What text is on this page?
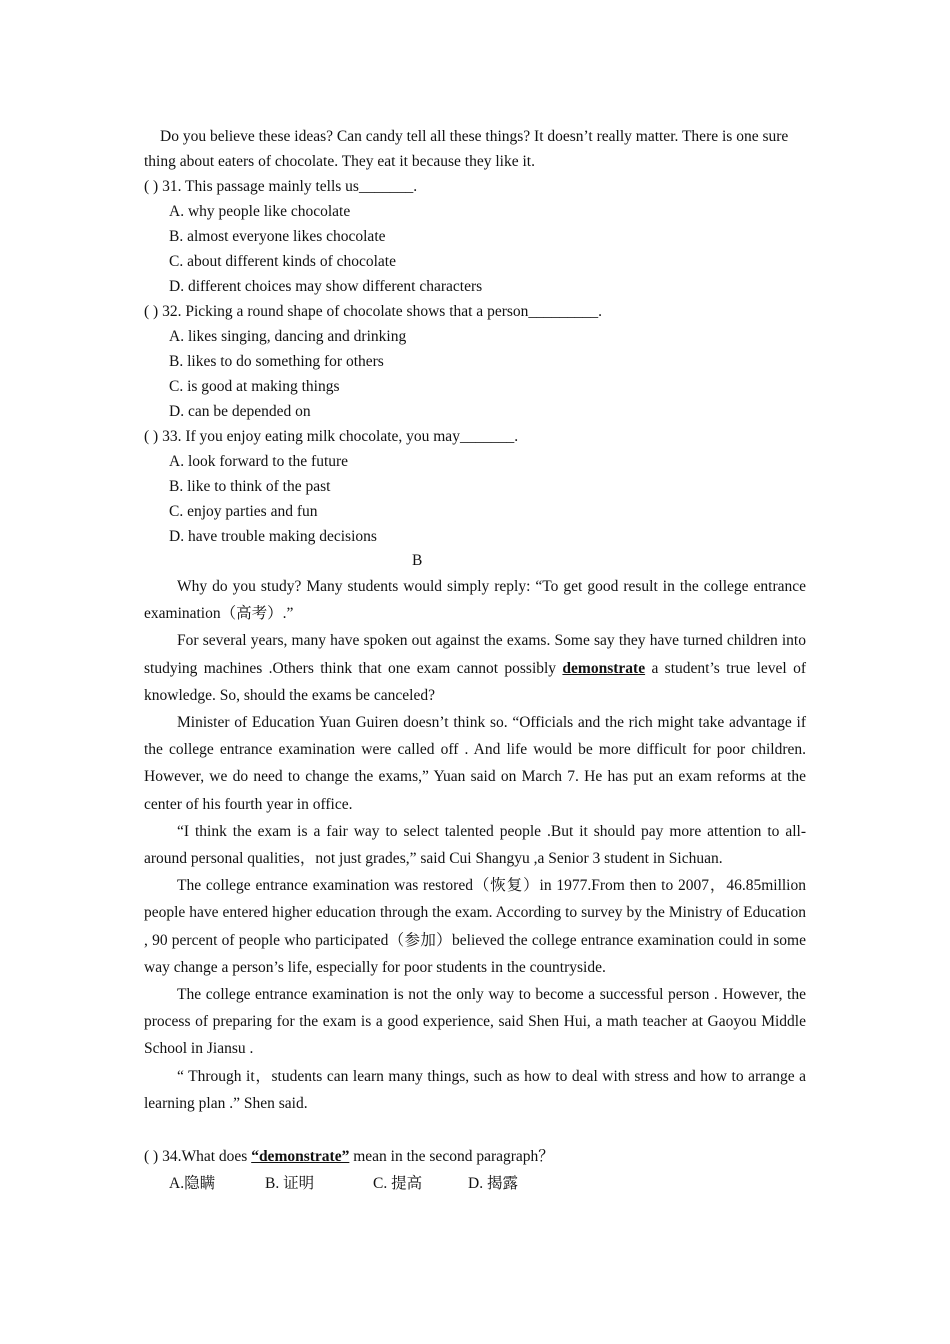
Do you believe these ideas? Can candy tell all these things? It doesn’t really matter. There is one sure thing about eaters of chocolate. They eat it because they like it.

( ) 31. This passage mainly tells us_______.
A. why people like chocolate
B. almost everyone likes chocolate
C. about different kinds of chocolate
D. different choices may show different characters
( ) 32. Picking a round shape of chocolate shows that a person_________.
A. likes singing, dancing and drinking
B. likes to do something for others
C. is good at making things
D. can be depended on
( ) 33. If you enjoy eating milk chocolate, you may_______.
A. look forward to the future
B. like to think of the past
C. enjoy parties and fun
D. have trouble making decisions
B

Why do you study? Many students would simply reply: “To get good result in the college entrance examination（高考）.”

For several years, many have spoken out against the exams. Some say they have turned children into studying machines .Others think that one exam cannot possibly demonstrate a student’s true level of knowledge. So, should the exams be canceled?

Minister of Education Yuan Guiren doesn’t think so. “Officials and the rich might take advantage if the college entrance examination were called off . And life would be more difficult for poor children. However, we do need to change the exams,” Yuan said on March 7. He has put an exam reforms at the center of his fourth year in office.

“I think the exam is a fair way to select talented people .But it should pay more attention to all- around personal qualities，not just grades,” said Cui Shangyu ,a Senior 3 student in Sichuan.

The college entrance examination was restored（恢复）in 1977.From then to 2007，46.85million people have entered higher education through the exam. According to survey by the Ministry of Education , 90 percent of people who participated（参加）believed the college entrance examination could in some way change a person’s life, especially for poor students in the countryside.

The college entrance examination is not the only way to become a successful person . However, the process of preparing for the exam is a good experience, said Shen Hui, a math teacher at Gaoyou Middle School in Jiansu .

“ Through it，students can learn many things, such as how to deal with stress and how to arrange a learning plan .” Shen said.

( ) 34.What does “demonstrate” mean in the second paragraph？
A.隐瞒	B. 证明	C. 提高	D. 揭露
